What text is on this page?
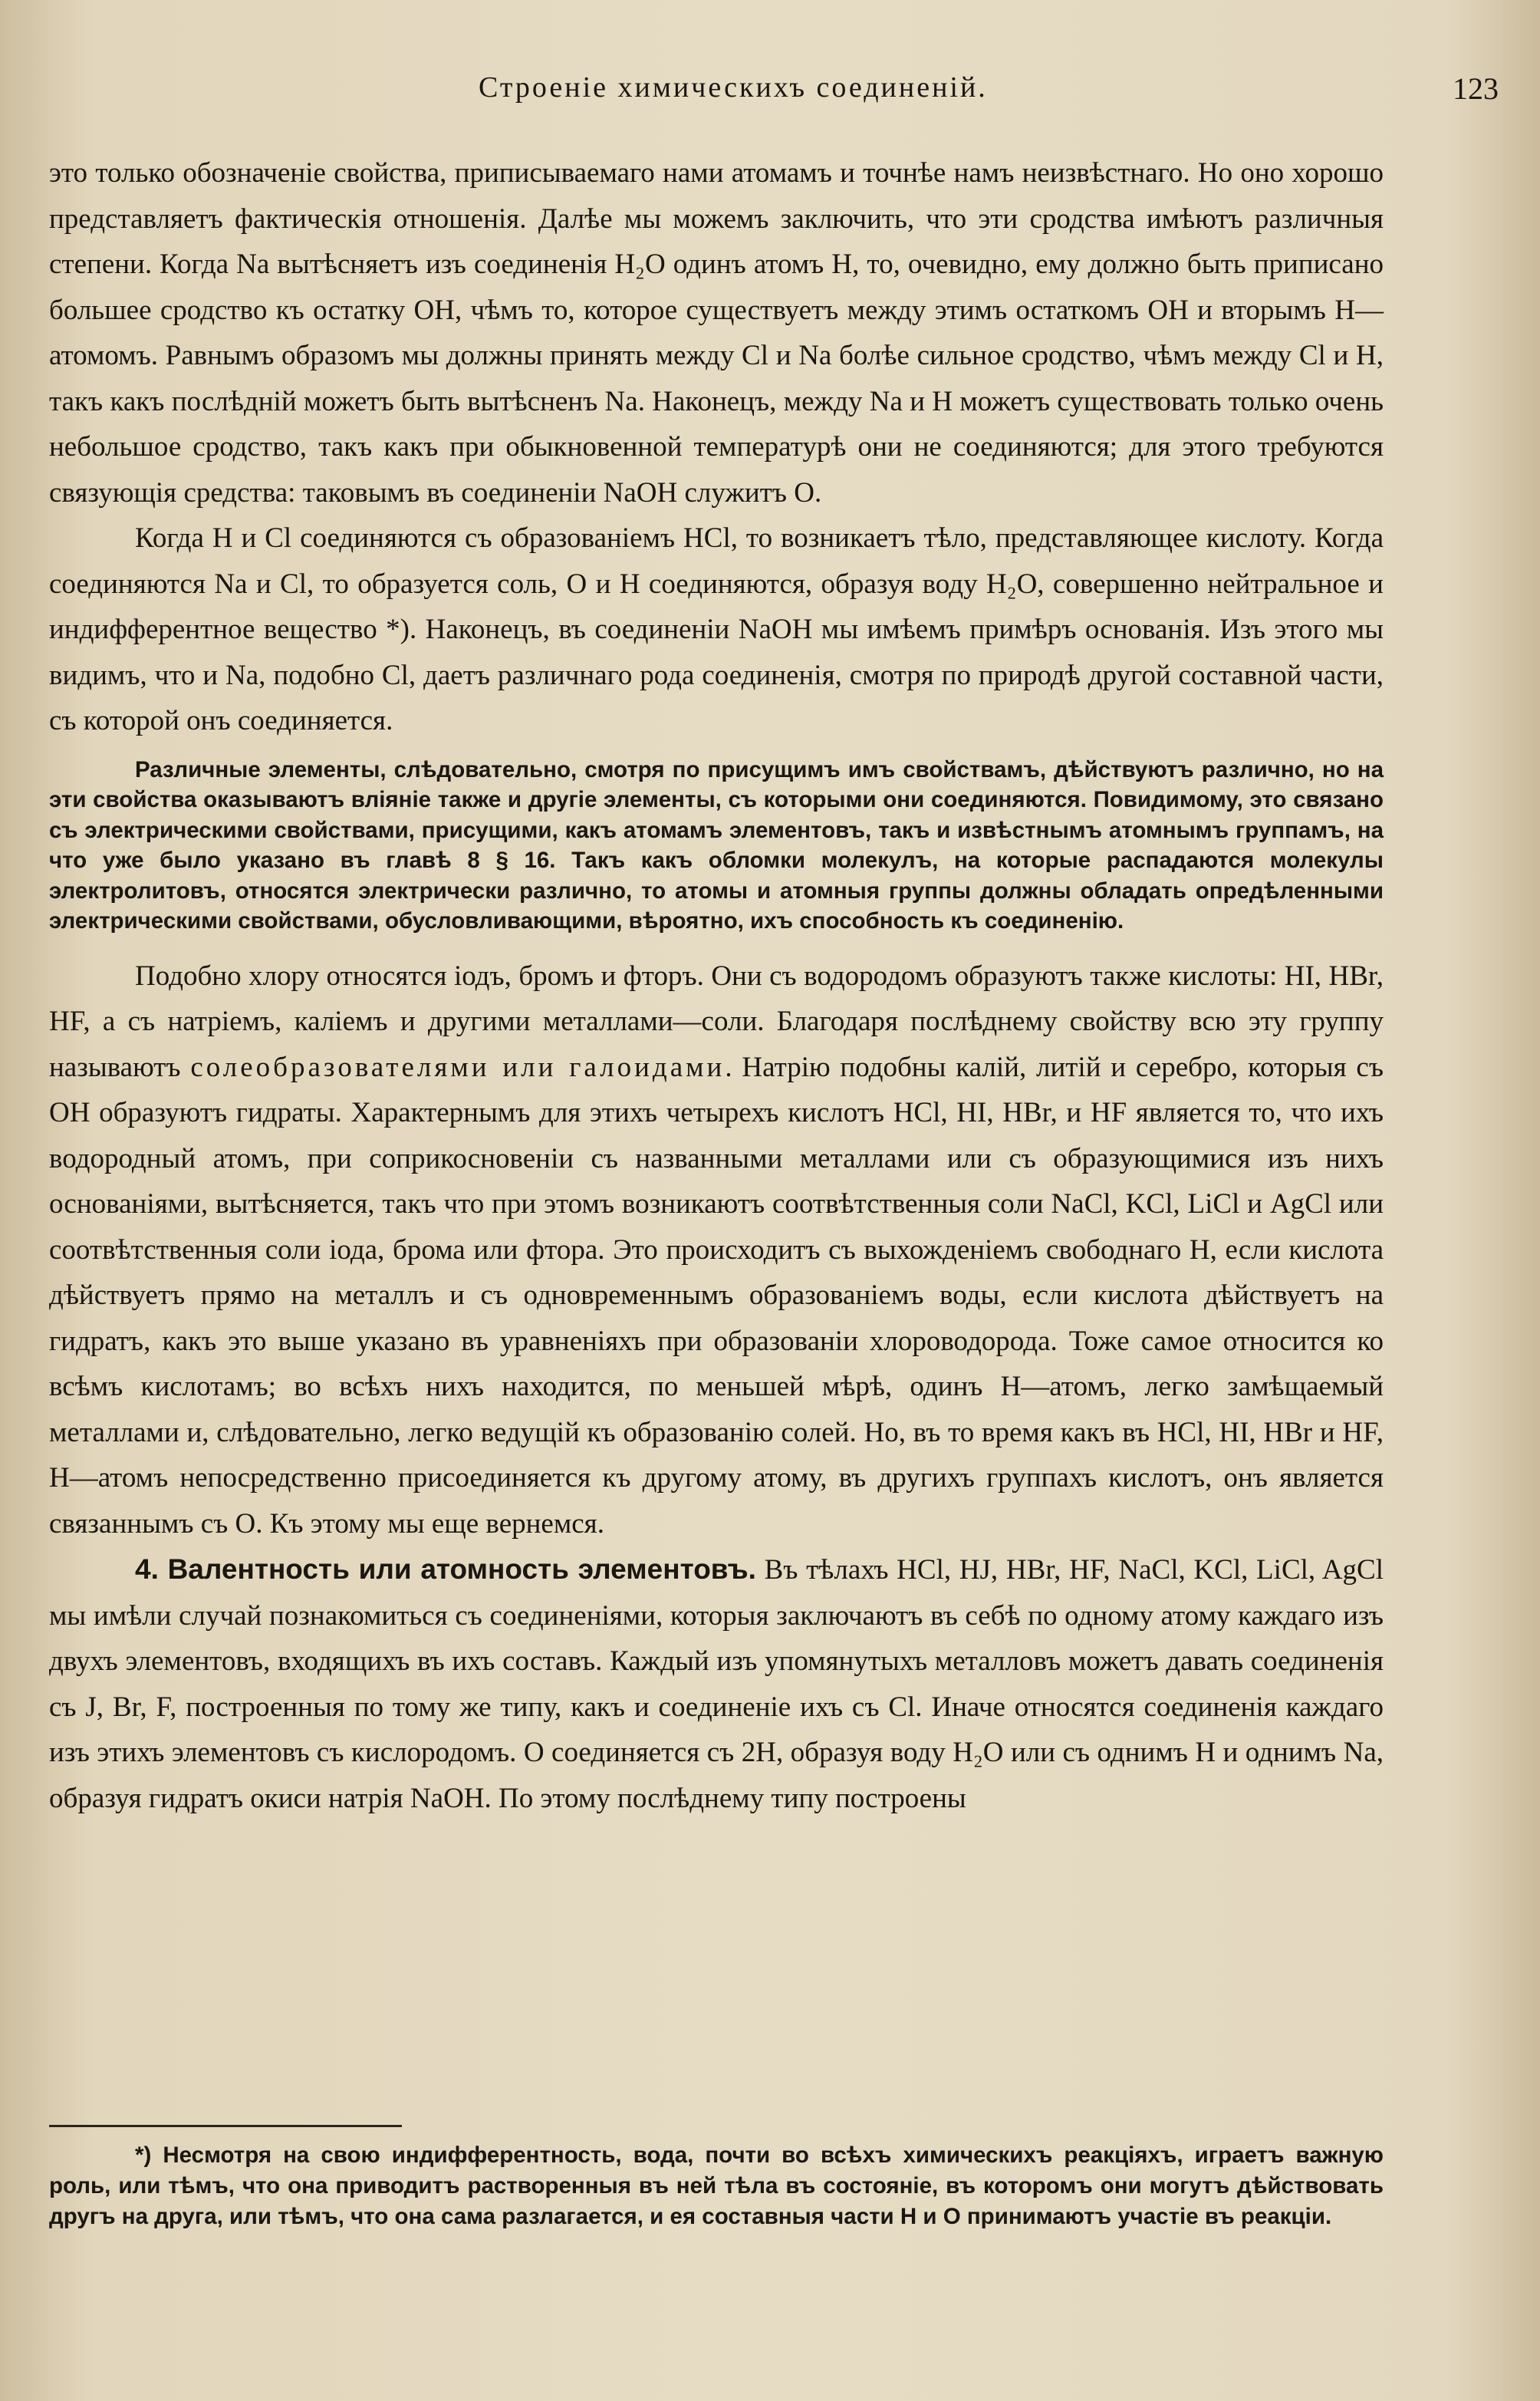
Строеніе химическихъ соединеній.	123

это только обозначеніе свойства, приписываемаго нами атомамъ и точнѣе намъ неизвѣстнаго. Но оно хорошо представляетъ фактическія отношенія. Далѣе мы можемъ заключить, что эти сродства имѣютъ различныя степени. Когда Na вытѣсняетъ изъ соединенія H₂O одинъ атомъ H, то, очевидно, ему должно быть приписано большее сродство къ остатку OH, чѣмъ то, которое существуетъ между этимъ остаткомъ OH и вторымъ H—атомомъ. Равнымъ образомъ мы должны принять между Cl и Na болѣе сильное сродство, чѣмъ между Cl и H, такъ какъ послѣдній можетъ быть вытѣсненъ Na. Наконецъ, между Na и H можетъ существовать только очень небольшое сродство, такъ какъ при обыкновенной температурѣ они не соединяются; для этого требуются связующія средства: таковымъ въ соединеніи NaOH служитъ O.

Когда H и Cl соединяются съ образованіемъ HCl, то возникаетъ тѣло, представляющее кислоту. Когда соединяются Na и Cl, то образуется соль, O и H соединяются, образуя воду H₂O, совершенно нейтральное и индифферентное вещество *). Наконецъ, въ соединеніи NaOH мы имѣемъ примѣръ основанія. Изъ этого мы видимъ, что и Na, подобно Cl, даетъ различнаго рода соединенія, смотря по природѣ другой составной части, съ которой онъ соединяется.

Различные элементы, слѣдовательно, смотря по присущимъ имъ свойствамъ, дѣйствуютъ различно, но на эти свойства оказываютъ вліяніе также и другіе элементы, съ которыми они соединяются. Повидимому, это связано съ электрическими свойствами, присущими, какъ атомамъ элементовъ, такъ и извѣстнымъ атомнымъ группамъ, на что уже было указано въ главѣ 8 § 16. Такъ какъ обломки молекулъ, на которые распадаются молекулы электролитовъ, относятся электрически различно, то атомы и атомныя группы должны обладать опредѣленными электрическими свойствами, обусловливающими, вѣроятно, ихъ способность къ соединенію.

Подобно хлору относятся іодъ, бромъ и фторъ. Они съ водородомъ образуютъ также кислоты: HI, HBr, HF, а съ натріемъ, каліемъ и другими металлами—соли. Благодаря послѣднему свойству всю эту группу называютъ солеобразователями или галоидами. Натрію подобны калій, литій и серебро, которыя съ OH образуютъ гидраты. Характернымъ для этихъ четырехъ кислотъ HCl, HI, HBr, и HF является то, что ихъ водородный атомъ, при соприкосновеніи съ названными металлами или съ образующимися изъ нихъ основаніями, вытѣсняется, такъ что при этомъ возникаютъ соотвѣтственныя соли NaCl, KCl, LiCl и AgCl или соотвѣтственныя соли іода, брома или фтора. Это происходитъ съ выхожденіемъ свободнаго H, если кислота дѣйствуетъ прямо на металлъ и съ одновременнымъ образованіемъ воды, если кислота дѣйствуетъ на гидратъ, какъ это выше указано въ уравненіяхъ при образованіи хлороводорода. Тоже самое относится ко всѣмъ кислотамъ; во всѣхъ нихъ находится, по меньшей мѣрѣ, одинъ H—атомъ, легко замѣщаемый металлами и, слѣдовательно, легко ведущій къ образованію солей. Но, въ то время какъ въ HCl, HI, HBr и HF, H—атомъ непосредственно присоединяется къ другому атому, въ другихъ группахъ кислотъ, онъ является связаннымъ съ O. Къ этому мы еще вернемся.

4. Валентность или атомность элементовъ. Въ тѣлахъ HCl, HJ, HBr, HF, NaCl, KCl, LiCl, AgCl мы имѣли случай познакомиться съ соединеніями, которыя заключаютъ въ себѣ по одному атому каждаго изъ двухъ элементовъ, входящихъ въ ихъ составъ. Каждый изъ упомянутыхъ металловъ можетъ давать соединенія съ J, Br, F, построенныя по тому же типу, какъ и соединеніе ихъ съ Cl. Иначе относятся соединенія каждаго изъ этихъ элементовъ съ кислородомъ. O соединяется съ 2H, образуя воду H₂O или съ однимъ H и однимъ Na, образуя гидратъ окиси натрія NaOH. По этому послѣднему типу построены

*) Несмотря на свою индифферентность, вода, почти во всѣхъ химическихъ реакціяхъ, играетъ важную роль, или тѣмъ, что она приводитъ растворенныя въ ней тѣла въ состояніе, въ которомъ они могутъ дѣйствовать другъ на друга, или тѣмъ, что она сама разлагается, и ея составныя части H и O принимаютъ участіе въ реакціи.
